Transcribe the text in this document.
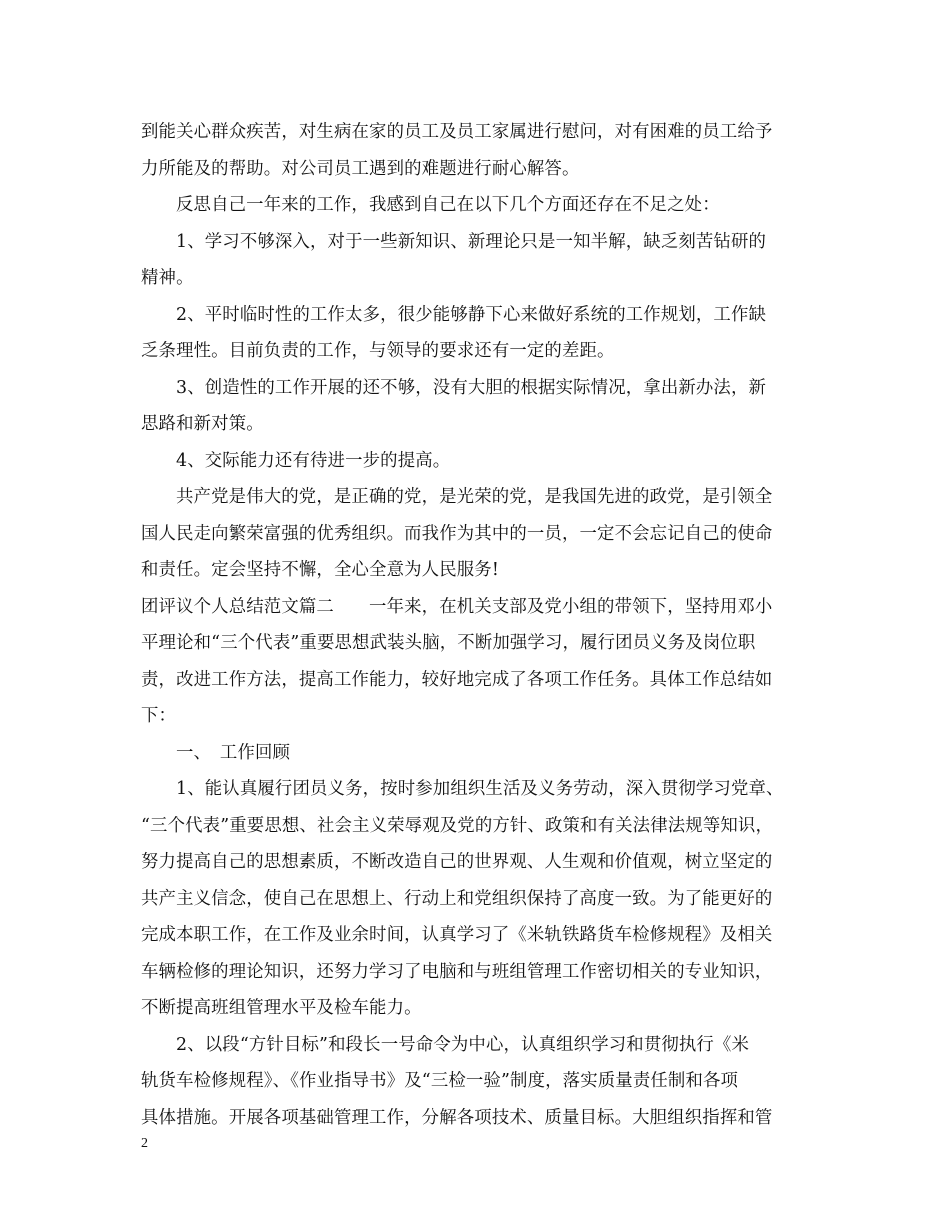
到能关心群众疾苦，对生病在家的员工及员工家属进行慰问，对有困难的员工给予
力所能及的帮助。对公司员工遇到的难题进行耐心解答。
反思自己一年来的工作，我感到自己在以下几个方面还存在不足之处：
1、学习不够深入，对于一些新知识、新理论只是一知半解，缺乏刻苦钻研的
精神。
2、平时临时性的工作太多，很少能够静下心来做好系统的工作规划，工作缺
乏条理性。目前负责的工作，与领导的要求还有一定的差距。
3、创造性的工作开展的还不够，没有大胆的根据实际情况，拿出新办法，新
思路和新对策。
4、交际能力还有待进一步的提高。
共产党是伟大的党，是正确的党，是光荣的党，是我国先进的政党，是引领全
国人民走向繁荣富强的优秀组织。而我作为其中的一员，一定不会忘记自己的使命
和责任。定会坚持不懈，全心全意为人民服务!
团评议个人总结范文篇二　　一年来，在机关支部及党小组的带领下，坚持用邓小
平理论和“三个代表”重要思想武装头脑，不断加强学习，履行团员义务及岗位职
责，改进工作方法，提高工作能力，较好地完成了各项工作任务。具体工作总结如
下：
一、　工作回顾
1、能认真履行团员义务，按时参加组织生活及义务劳动，深入贯彻学习党章、
“三个代表”重要思想、社会主义荣辱观及党的方针、政策和有关法律法规等知识，
努力提高自己的思想素质，不断改造自己的世界观、人生观和价值观，树立坚定的
共产主义信念，使自己在思想上、行动上和党组织保持了高度一致。为了能更好的
完成本职工作，在工作及业余时间，认真学习了《米轨铁路货车检修规程》及相关
车辆检修的理论知识，还努力学习了电脑和与班组管理工作密切相关的专业知识，
不断提高班组管理水平及检车能力。
2、以段“方针目标”和段长一号命令为中心，认真组织学习和贯彻执行《米
轨货车检修规程》、《作业指导书》及“三检一验”制度，落实质量责任制和各项
具体措施。开展各项基础管理工作，分解各项技术、质量目标。大胆组织指挥和管
2
